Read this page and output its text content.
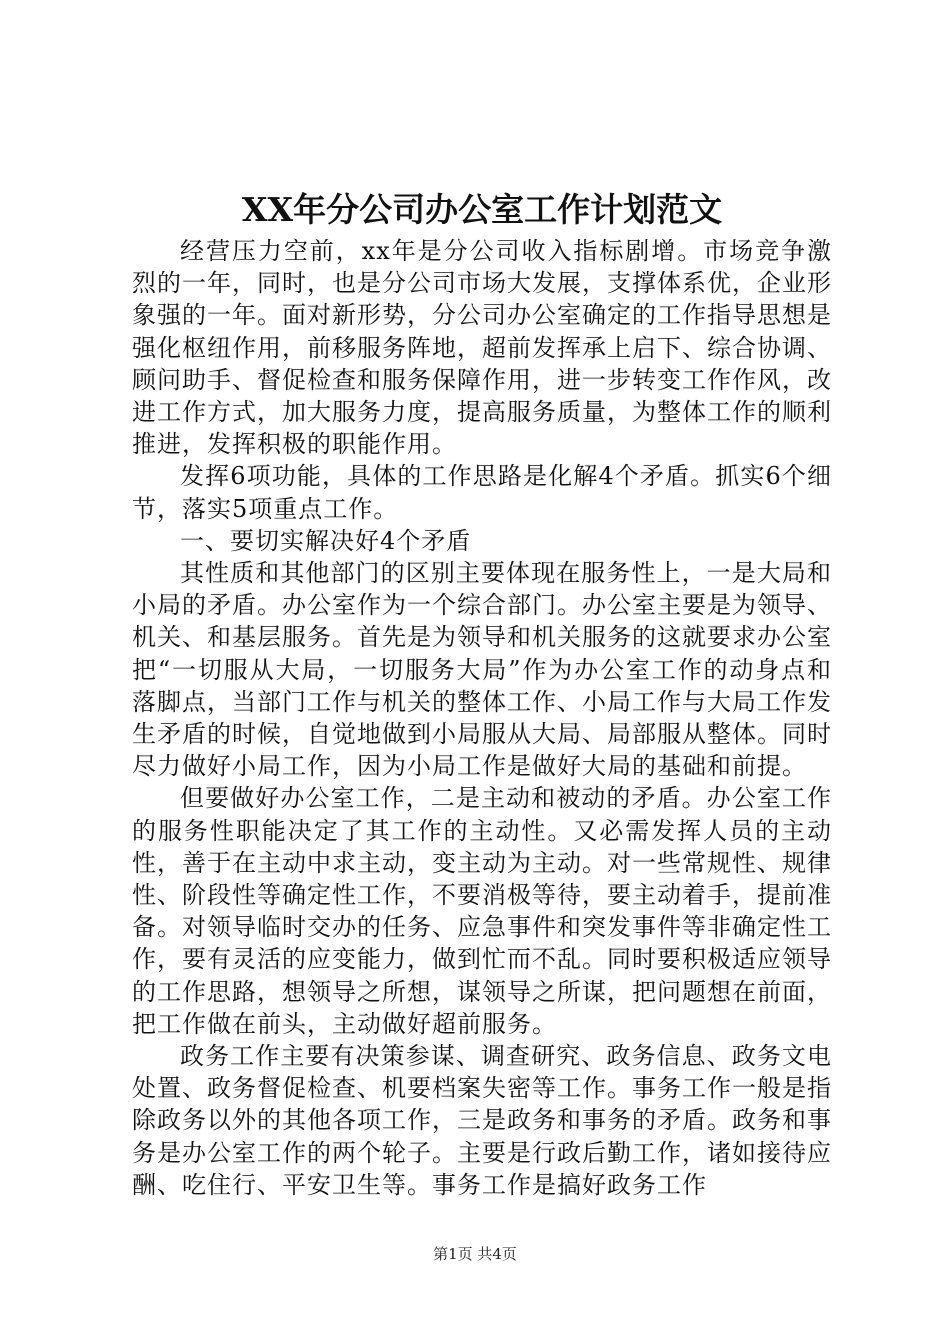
XX年分公司办公室工作计划范文

经营压力空前，xx年是分公司收入指标剧增。市场竞争激烈的一年，同时，也是分公司市场大发展，支撑体系优，企业形象强的一年。面对新形势，分公司办公室确定的工作指导思想是强化枢纽作用，前移服务阵地，超前发挥承上启下、综合协调、顾问助手、督促检查和服务保障作用，进一步转变工作作风，改进工作方式，加大服务力度，提高服务质量，为整体工作的顺利推进，发挥积极的职能作用。

发挥6项功能，具体的工作思路是化解4个矛盾。抓实6个细节，落实5项重点工作。

一、要切实解决好4个矛盾

其性质和其他部门的区别主要体现在服务性上，一是大局和小局的矛盾。办公室作为一个综合部门。办公室主要是为领导、机关、和基层服务。首先是为领导和机关服务的这就要求办公室把“一切服从大局，一切服务大局”作为办公室工作的动身点和落脚点，当部门工作与机关的整体工作、小局工作与大局工作发生矛盾的时候，自觉地做到小局服从大局、局部服从整体。同时尽力做好小局工作，因为小局工作是做好大局的基础和前提。

但要做好办公室工作，二是主动和被动的矛盾。办公室工作的服务性职能决定了其工作的主动性。又必需发挥人员的主动性，善于在主动中求主动，变主动为主动。对一些常规性、规律性、阶段性等确定性工作，不要消极等待，要主动着手，提前准备。对领导临时交办的任务、应急事件和突发事件等非确定性工作，要有灵活的应变能力，做到忙而不乱。同时要积极适应领导的工作思路，想领导之所想，谋领导之所谋，把问题想在前面，把工作做在前头，主动做好超前服务。

政务工作主要有决策参谋、调查研究、政务信息、政务文电处置、政务督促检查、机要档案失密等工作。事务工作一般是指除政务以外的其他各项工作，三是政务和事务的矛盾。政务和事务是办公室工作的两个轮子。主要是行政后勤工作，诸如接待应酬、吃住行、平安卫生等。事务工作是搞好政务工作

第1页 共4页
